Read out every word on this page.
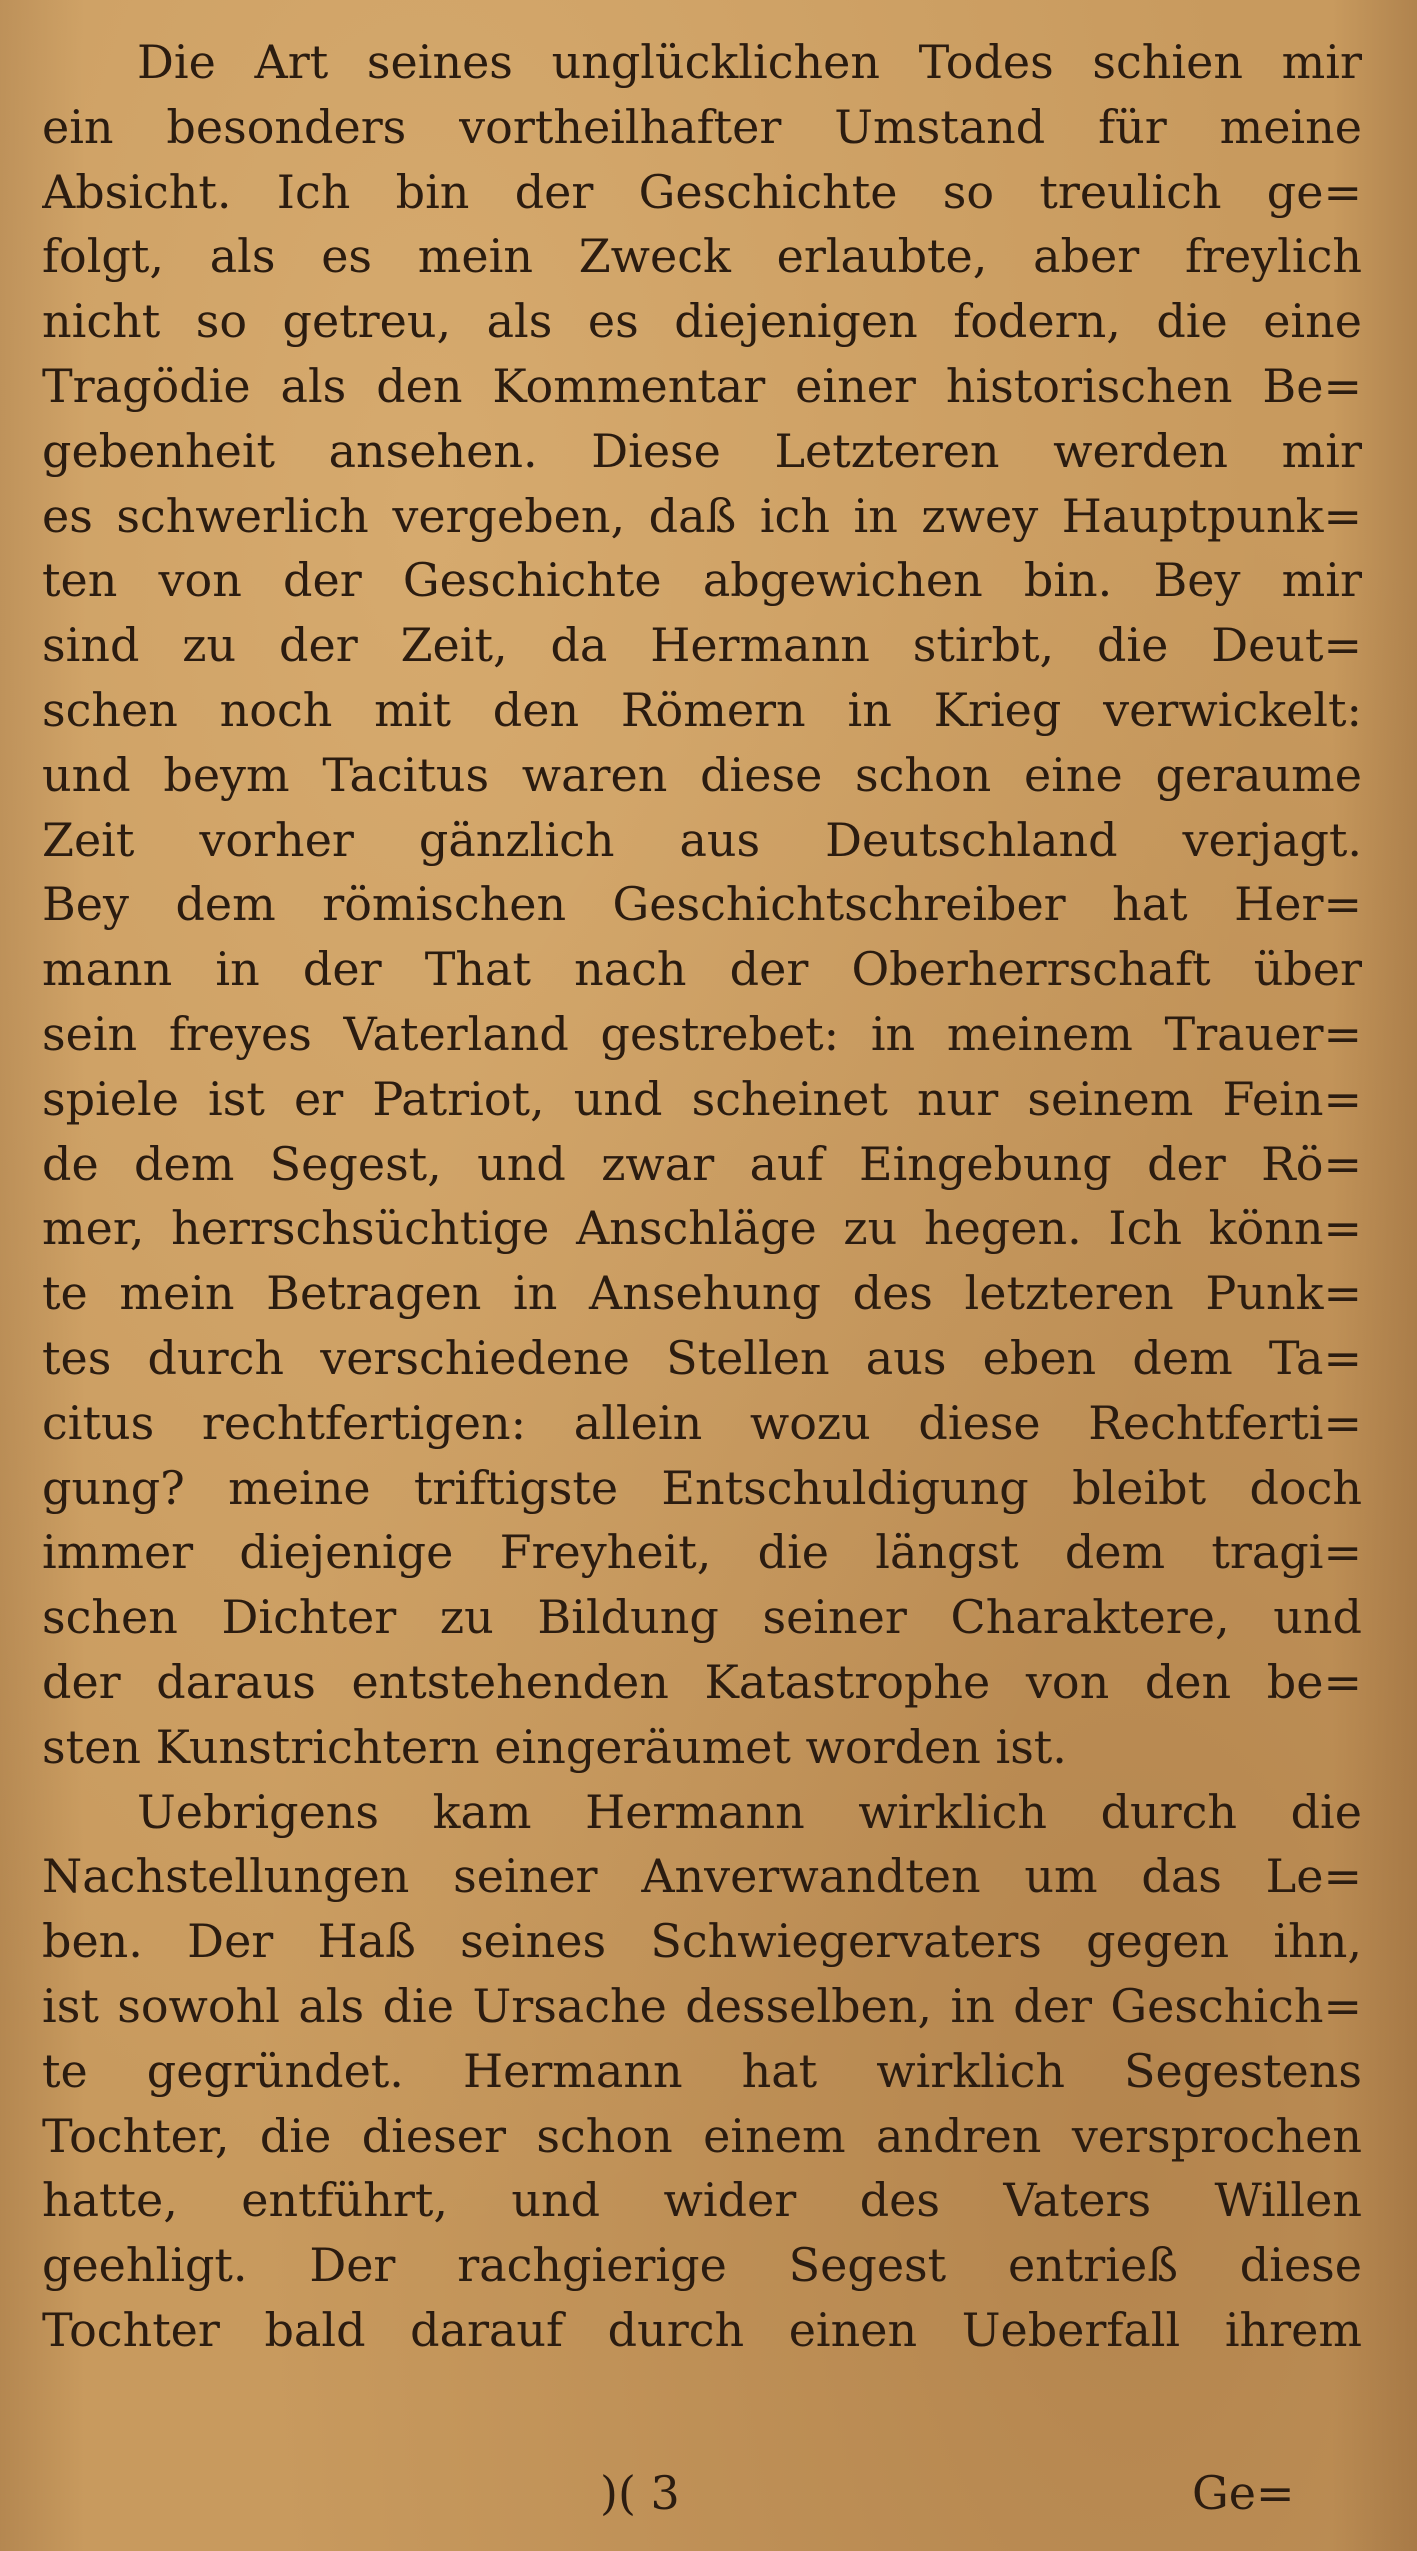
Die Art seines unglücklichen Todes schien mir
ein besonders vortheilhafter Umstand für meine
Absicht. Ich bin der Geschichte so treulich ge=
folgt, als es mein Zweck erlaubte, aber freylich
nicht so getreu, als es diejenigen fodern, die eine
Tragödie als den Kommentar einer historischen Be=
gebenheit ansehen. Diese Letzteren werden mir
es schwerlich vergeben, daß ich in zwey Hauptpunk=
ten von der Geschichte abgewichen bin. Bey mir
sind zu der Zeit, da Hermann stirbt, die Deut=
schen noch mit den Römern in Krieg verwickelt:
und beym Tacitus waren diese schon eine geraume
Zeit vorher gänzlich aus Deutschland verjagt.
Bey dem römischen Geschichtschreiber hat Her=
mann in der That nach der Oberherrschaft über
sein freyes Vaterland gestrebet: in meinem Trauer=
spiele ist er Patriot, und scheinet nur seinem Fein=
de dem Segest, und zwar auf Eingebung der Rö=
mer, herrschsüchtige Anschläge zu hegen. Ich könn=
te mein Betragen in Ansehung des letzteren Punk=
tes durch verschiedene Stellen aus eben dem Ta=
citus rechtfertigen: allein wozu diese Rechtferti=
gung? meine triftigste Entschuldigung bleibt doch
immer diejenige Freyheit, die längst dem tragi=
schen Dichter zu Bildung seiner Charaktere, und
der daraus entstehenden Katastrophe von den be=
sten Kunstrichtern eingeräumet worden ist.
Uebrigens kam Hermann wirklich durch die
Nachstellungen seiner Anverwandten um das Le=
ben. Der Haß seines Schwiegervaters gegen ihn,
ist sowohl als die Ursache desselben, in der Geschich=
te gegründet. Hermann hat wirklich Segestens
Tochter, die dieser schon einem andren versprochen
hatte, entführt, und wider des Vaters Willen
geehligt. Der rachgierige Segest entrieß diese
Tochter bald darauf durch einen Ueberfall ihrem
)( 3	Ge=
